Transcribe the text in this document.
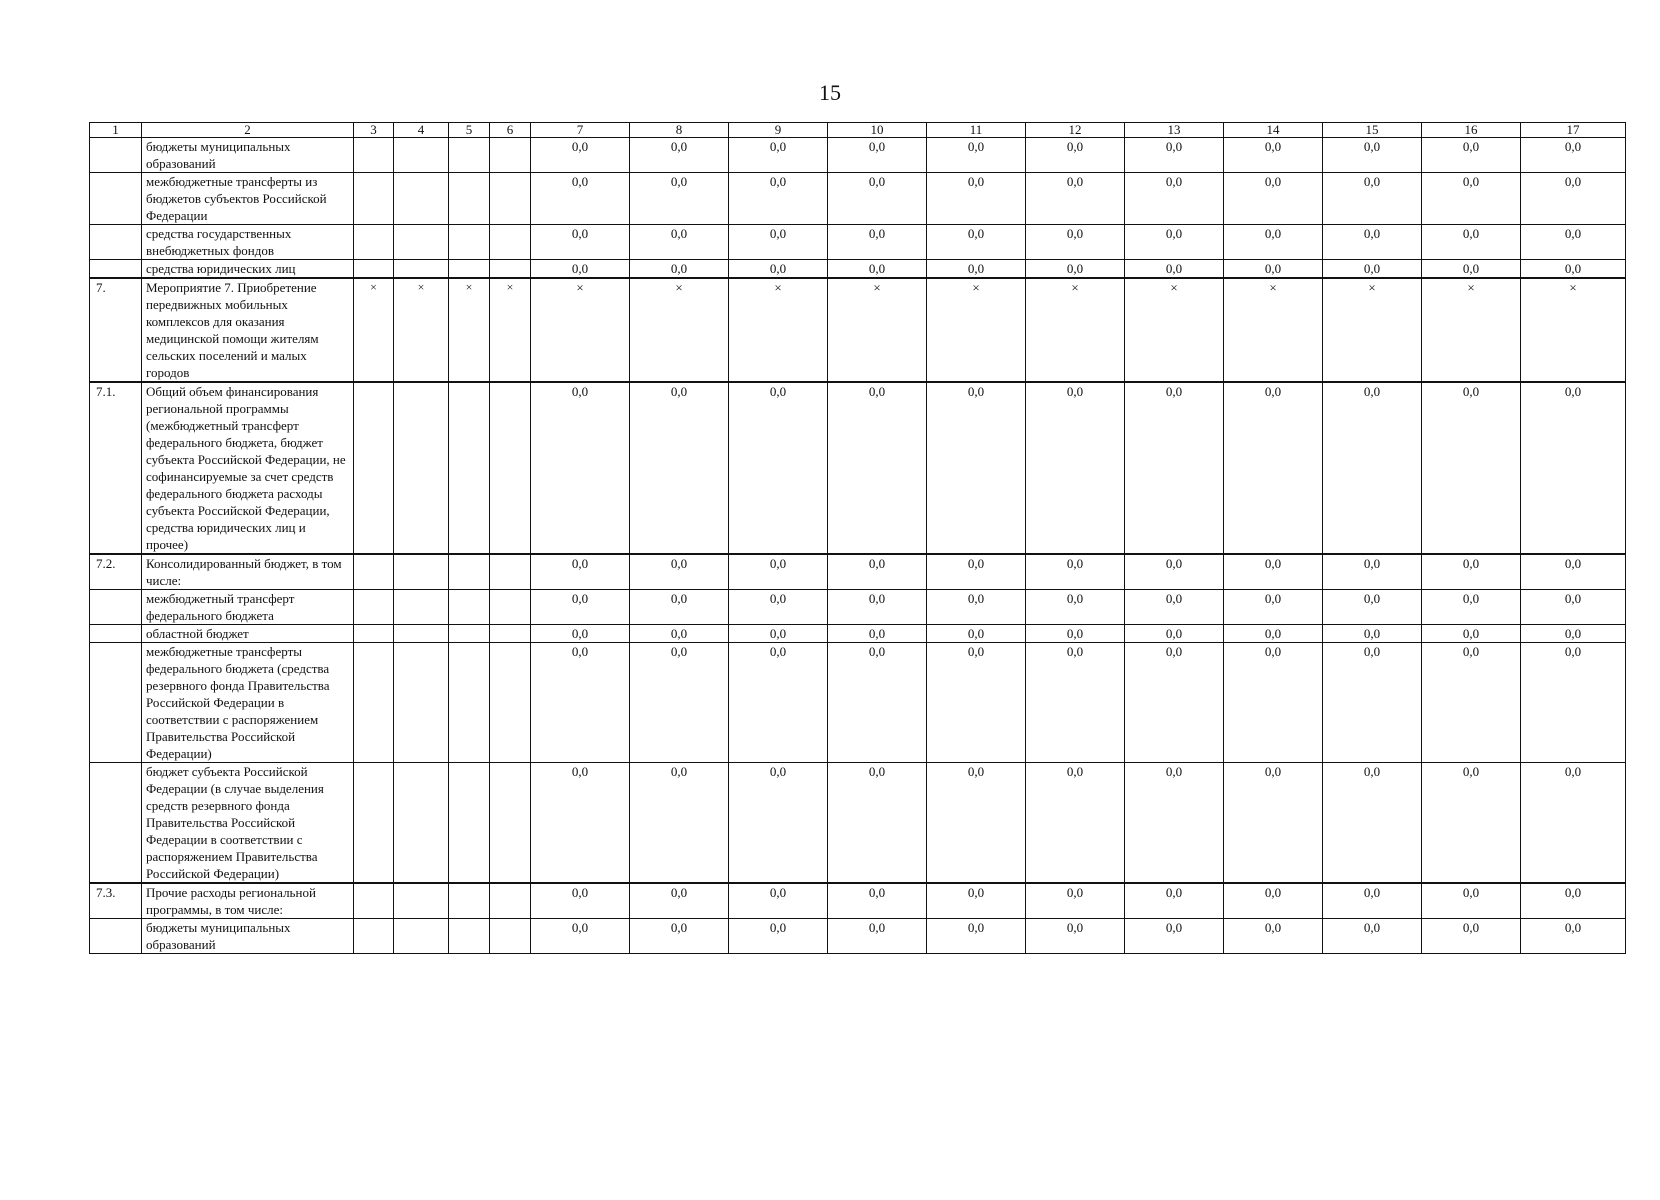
15
1	2	3	4	5	6	7	8	9	10	11	12	13	14	15	16	17
	бюджеты муниципальных образований					0,0	0,0	0,0	0,0	0,0	0,0	0,0	0,0	0,0	0,0	0,0
	межбюджетные трансферты из бюджетов субъектов Российской Федерации					0,0	0,0	0,0	0,0	0,0	0,0	0,0	0,0	0,0	0,0	0,0
	средства государственных внебюджетных фондов					0,0	0,0	0,0	0,0	0,0	0,0	0,0	0,0	0,0	0,0	0,0
	средства юридических лиц					0,0	0,0	0,0	0,0	0,0	0,0	0,0	0,0	0,0	0,0	0,0
7.	Мероприятие 7. Приобретение передвижных мобильных комплексов для оказания медицинской помощи жителям сельских поселений и малых городов	×	×	×	×	×	×	×	×	×	×	×	×	×	×	×
7.1.	Общий объем финансирования региональной программы (межбюджетный трансферт федерального бюджета, бюджет субъекта Российской Федерации, не софинансируемые за счет средств федерального бюджета расходы субъекта Российской Федерации, средства юридических лиц и прочее)					0,0	0,0	0,0	0,0	0,0	0,0	0,0	0,0	0,0	0,0	0,0
7.2.	Консолидированный бюджет, в том числе:					0,0	0,0	0,0	0,0	0,0	0,0	0,0	0,0	0,0	0,0	0,0
	межбюджетный трансферт федерального бюджета					0,0	0,0	0,0	0,0	0,0	0,0	0,0	0,0	0,0	0,0	0,0
	областной бюджет					0,0	0,0	0,0	0,0	0,0	0,0	0,0	0,0	0,0	0,0	0,0
	межбюджетные трансферты федерального бюджета (средства резервного фонда Правительства Российской Федерации в соответствии с распоряжением Правительства Российской Федерации)					0,0	0,0	0,0	0,0	0,0	0,0	0,0	0,0	0,0	0,0	0,0
	бюджет субъекта Российской Федерации (в случае выделения средств резервного фонда Правительства Российской Федерации в соответствии с распоряжением Правительства Российской Федерации)					0,0	0,0	0,0	0,0	0,0	0,0	0,0	0,0	0,0	0,0	0,0
7.3.	Прочие расходы региональной программы, в том числе:					0,0	0,0	0,0	0,0	0,0	0,0	0,0	0,0	0,0	0,0	0,0
	бюджеты муниципальных образований					0,0	0,0	0,0	0,0	0,0	0,0	0,0	0,0	0,0	0,0	0,0
